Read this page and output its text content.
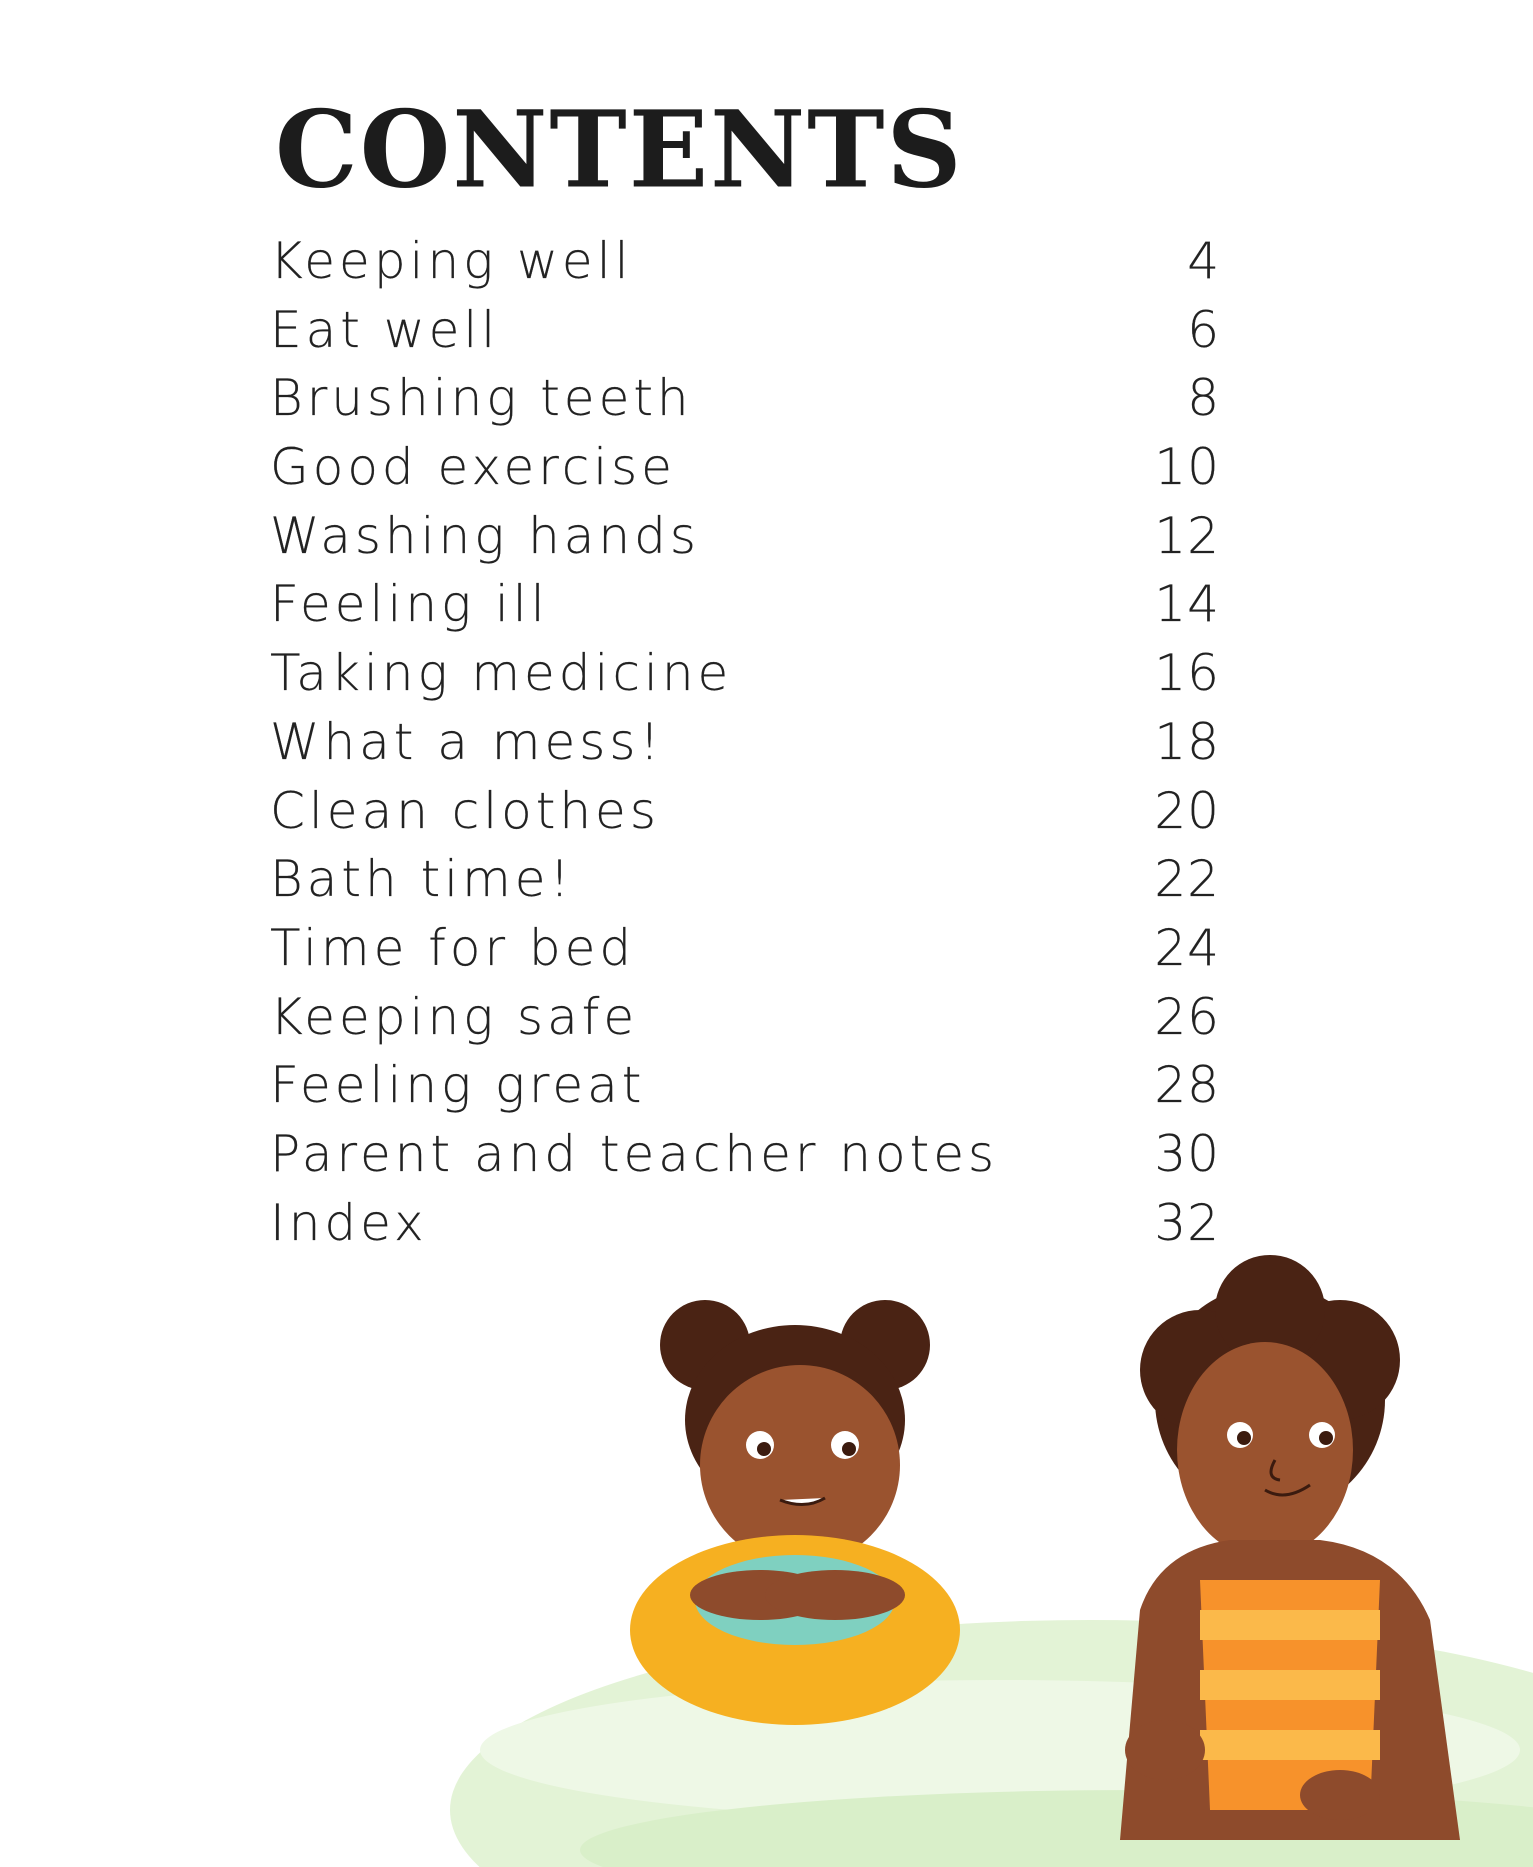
CONTENTS
Keeping well	4
Eat well	6
Brushing teeth	8
Good exercise	10
Washing hands	12
Feeling ill	14
Taking medicine	16
What a mess!	18
Clean clothes	20
Bath time!	22
Time for bed	24
Keeping safe	26
Feeling great	28
Parent and teacher notes	30
Index	32
